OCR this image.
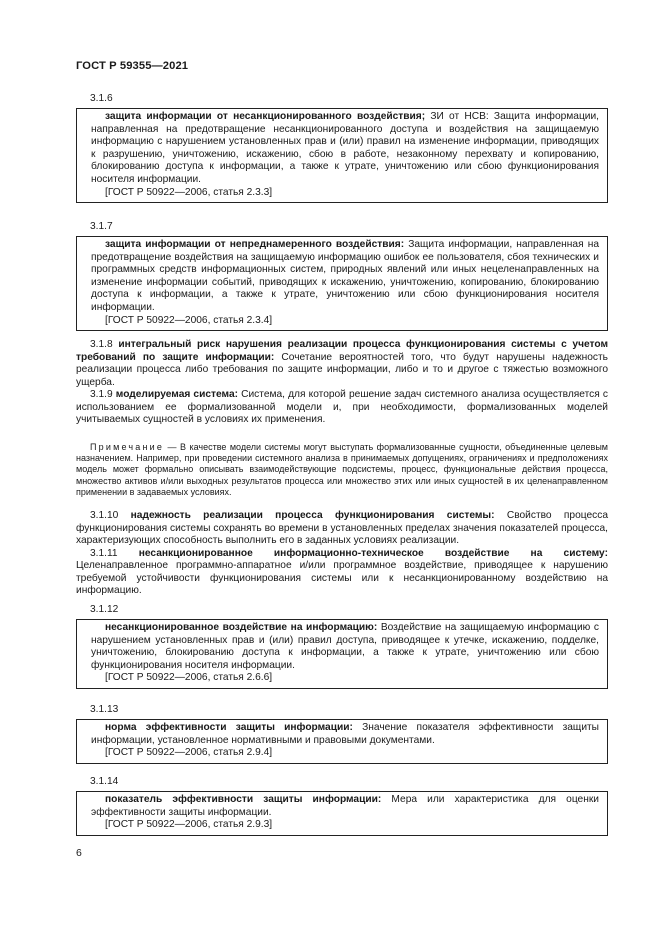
ГОСТ Р 59355—2021
3.1.6

защита информации от несанкционированного воздействия; ЗИ от НСВ: Защита информации, направленная на предотвращение несанкционированного доступа и воздействия на защищаемую информацию с нарушением установленных прав и (или) правил на изменение информации, приводящих к разрушению, уничтожению, искажению, сбою в работе, незаконному перехвату и копированию, блокированию доступа к информации, а также к утрате, уничтожению или сбою функционирования носителя информации.

[ГОСТ Р 50922—2006, статья 2.3.3]

3.1.7

защита информации от непреднамеренного воздействия: Защита информации, направленная на предотвращение воздействия на защищаемую информацию ошибок ее пользователя, сбоя технических и программных средств информационных систем, природных явлений или иных нецеленаправленных на изменение информации событий, приводящих к искажению, уничтожению, копированию, блокированию доступа к информации, а также к утрате, уничтожению или сбою функционирования носителя информации.

[ГОСТ Р 50922—2006, статья 2.3.4]

3.1.8 интегральный риск нарушения реализации процесса функционирования системы с учетом требований по защите информации: Сочетание вероятностей того, что будут нарушены надежность реализации процесса либо требования по защите информации, либо и то и другое с тяжестью возможного ущерба.

3.1.9 моделируемая система: Система, для которой решение задач системного анализа осуществляется с использованием ее формализованной модели и, при необходимости, формализованных моделей учитываемых сущностей в условиях их применения.

Примечание — В качестве модели системы могут выступать формализованные сущности, объединенные целевым назначением. Например, при проведении системного анализа в принимаемых допущениях, ограничениях и предположениях модель может формально описывать взаимодействующие подсистемы, процесс, функциональные действия процесса, множество активов и/или выходных результатов процесса или множество этих или иных сущностей в их целенаправленном применении в задаваемых условиях.

3.1.10 надежность реализации процесса функционирования системы: Свойство процесса функционирования системы сохранять во времени в установленных пределах значения показателей процесса, характеризующих способность выполнить его в заданных условиях реализации.

3.1.11 несанкционированное информационно-техническое воздействие на систему: Целенаправленное программно-аппаратное и/или программное воздействие, приводящее к нарушению требуемой устойчивости функционирования системы или к несанкционированному воздействию на информацию.

3.1.12

несанкционированное воздействие на информацию: Воздействие на защищаемую информацию с нарушением установленных прав и (или) правил доступа, приводящее к утечке, искажению, подделке, уничтожению, блокированию доступа к информации, а также к утрате, уничтожению или сбою функционирования носителя информации.

[ГОСТ Р 50922—2006, статья 2.6.6]

3.1.13

норма эффективности защиты информации: Значение показателя эффективности защиты информации, установленное нормативными и правовыми документами.

[ГОСТ Р 50922—2006, статья 2.9.4]

3.1.14

показатель эффективности защиты информации: Мера или характеристика для оценки эффективности защиты информации.

[ГОСТ Р 50922—2006, статья 2.9.3]

6
